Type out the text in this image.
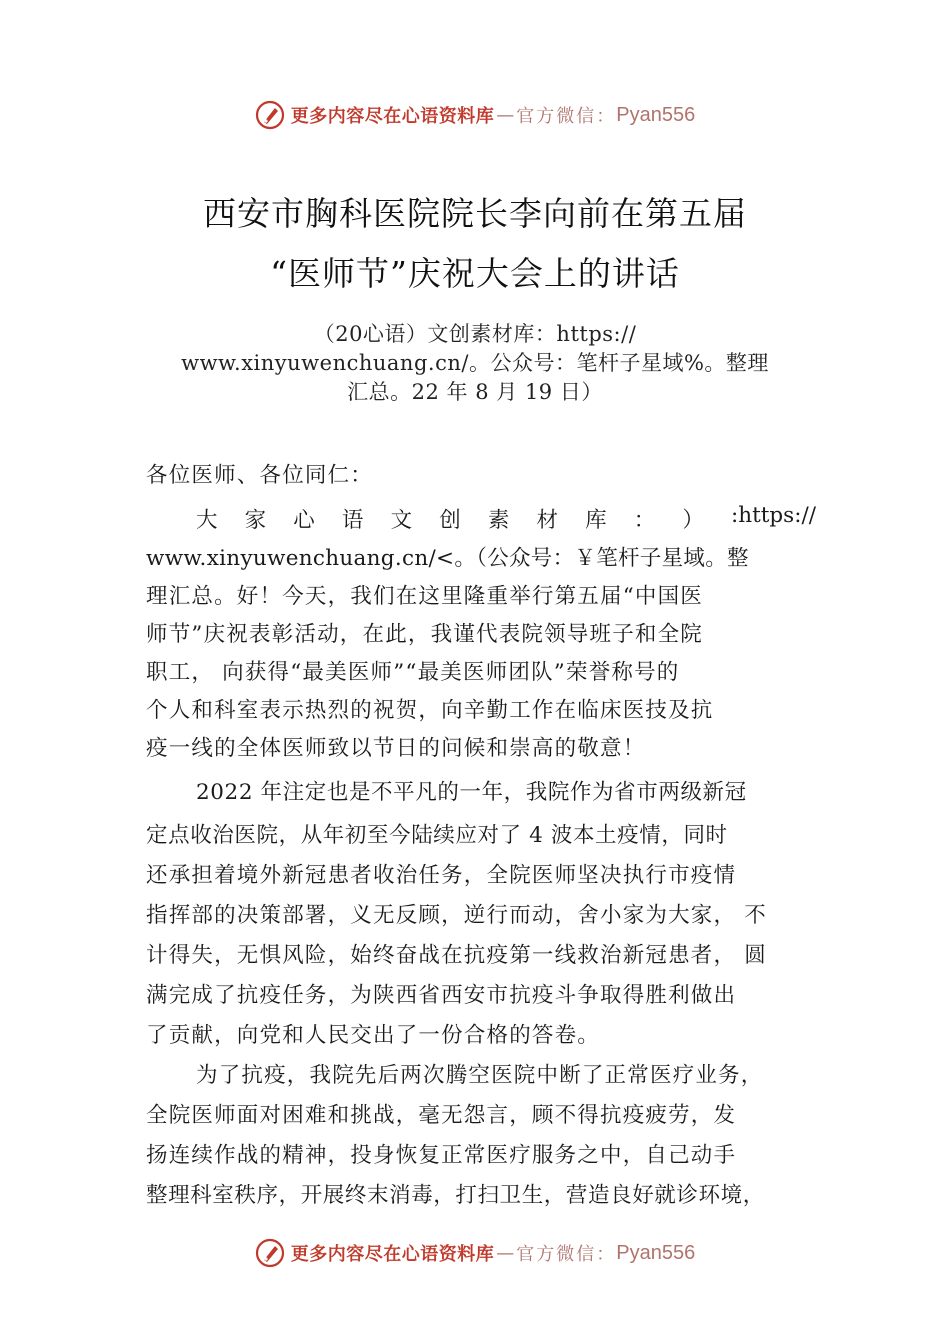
更多内容尽在心语资料库 — 官方微信： Pyan556
西安市胸科医院院长李向前在第五届
“医师节”庆祝大会上的讲话
（20心语）文创素材库：https://
www.xinyuwenchuang.cn/。公众号：笔杆子星域%。整理
汇总。22 年 8 月 19 日）
各位医师、各位同仁：
大 家 心 语 文 创 素 材 库 ： ） :https://
www.xinyuwenchuang.cn/<。（公众号：￥笔杆子星域。整
理汇总。好！今天，我们在这里隆重举行第五届“中国医
师节”庆祝表彰活动，在此，我谨代表院领导班子和全院
职工， 向获得“最美医师”“最美医师团队”荣誉称号的
个人和科室表示热烈的祝贺，向辛勤工作在临床医技及抗
疫一线的全体医师致以节日的问候和崇高的敬意！
2022 年注定也是不平凡的一年，我院作为省市两级新冠
定点收治医院，从年初至今陆续应对了 4 波本土疫情，同时
还承担着境外新冠患者收治任务，全院医师坚决执行市疫情
指挥部的决策部署，义无反顾，逆行而动，舍小家为大家， 不
计得失，无惧风险，始终奋战在抗疫第一线救治新冠患者， 圆
满完成了抗疫任务，为陕西省西安市抗疫斗争取得胜利做出
了贡献，向党和人民交出了一份合格的答卷。
为了抗疫，我院先后两次腾空医院中断了正常医疗业务，
全院医师面对困难和挑战，毫无怨言，顾不得抗疫疲劳，发
扬连续作战的精神，投身恢复正常医疗服务之中，自己动手
整理科室秩序，开展终末消毒，打扫卫生，营造良好就诊环境，
更多内容尽在心语资料库 — 官方微信： Pyan556
